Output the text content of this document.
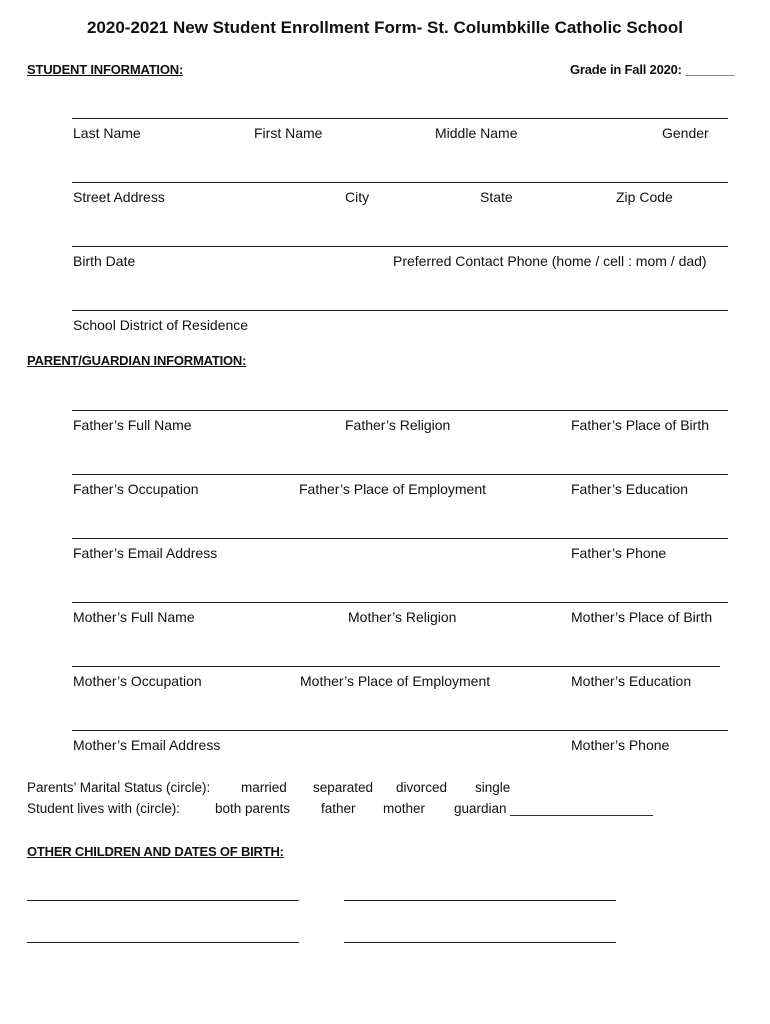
2020-2021 New Student Enrollment Form- St. Columbkille Catholic School
STUDENT INFORMATION:	Grade in Fall 2020: _______
Last Name	First Name	Middle Name	Gender
Street Address	City	State	Zip Code
Birth Date	Preferred Contact Phone (home / cell : mom / dad)
School District of Residence
PARENT/GUARDIAN INFORMATION:
Father’s Full Name	Father’s Religion	Father’s Place of Birth
Father’s Occupation	Father’s Place of Employment	Father’s Education
Father’s Email Address	Father’s Phone
Mother’s Full Name	Mother’s Religion	Mother’s Place of Birth
Mother’s Occupation	Mother’s Place of Employment	Mother’s Education
Mother’s Email Address	Mother’s Phone
Parents’ Marital Status (circle): married separated divorced single
Student lives with (circle):	both parents father mother guardian ___________________
OTHER CHILDREN AND DATES OF BIRTH:
